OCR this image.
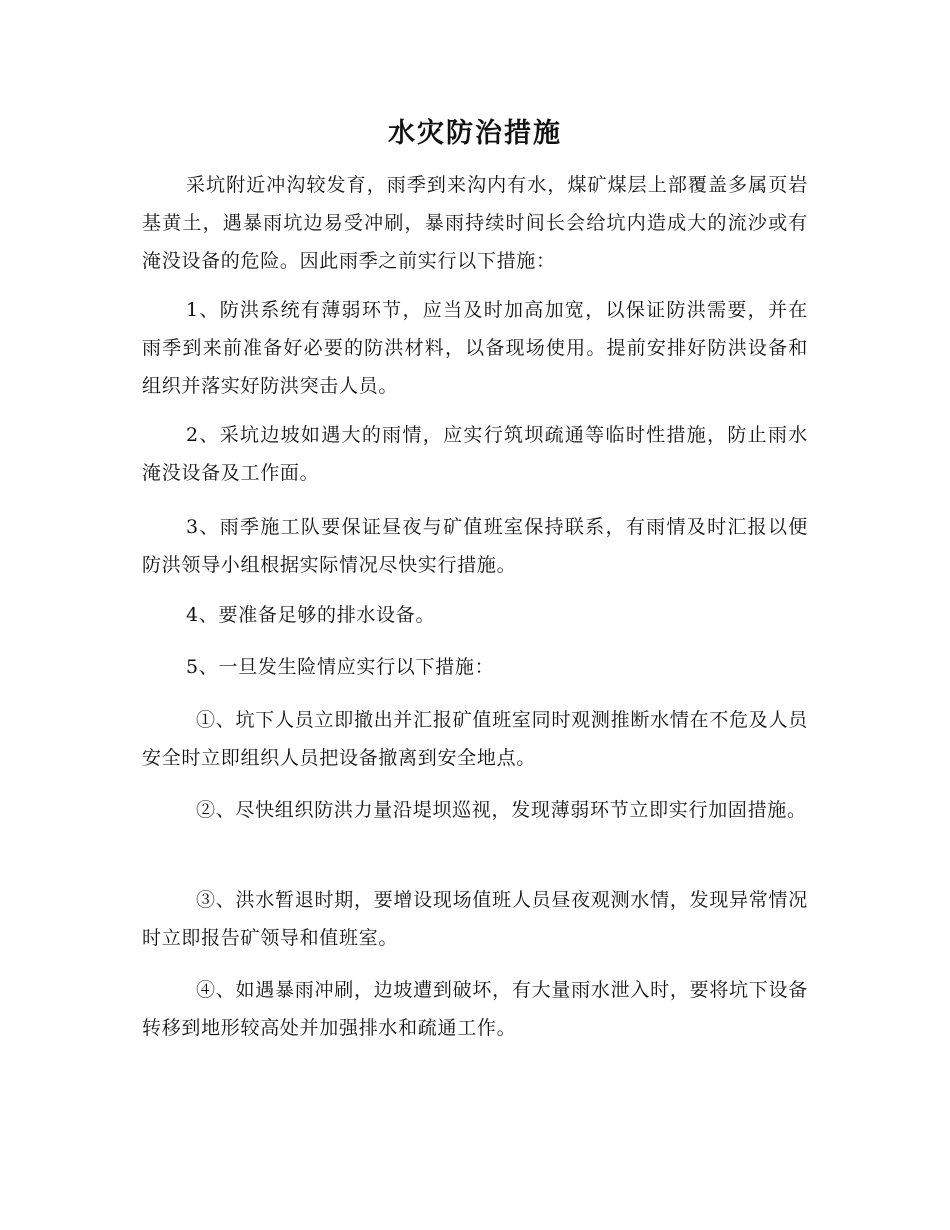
水灾防治措施

采坑附近冲沟较发育，雨季到来沟内有水，煤矿煤层上部覆盖多属页岩基黄土，遇暴雨坑边易受冲刷，暴雨持续时间长会给坑内造成大的流沙或有淹没设备的危险。因此雨季之前实行以下措施：

1、防洪系统有薄弱环节，应当及时加高加宽，以保证防洪需要，并在雨季到来前准备好必要的防洪材料，以备现场使用。提前安排好防洪设备和组织并落实好防洪突击人员。

2、采坑边坡如遇大的雨情，应实行筑坝疏通等临时性措施，防止雨水淹没设备及工作面。

3、雨季施工队要保证昼夜与矿值班室保持联系，有雨情及时汇报以便防洪领导小组根据实际情况尽快实行措施。

4、要准备足够的排水设备。

5、一旦发生险情应实行以下措施：

①、坑下人员立即撤出并汇报矿值班室同时观测推断水情在不危及人员安全时立即组织人员把设备撤离到安全地点。

②、尽快组织防洪力量沿堤坝巡视，发现薄弱环节立即实行加固措施。

③、洪水暂退时期，要增设现场值班人员昼夜观测水情，发现异常情况时立即报告矿领导和值班室。

④、如遇暴雨冲刷，边坡遭到破坏，有大量雨水泄入时，要将坑下设备转移到地形较高处并加强排水和疏通工作。
